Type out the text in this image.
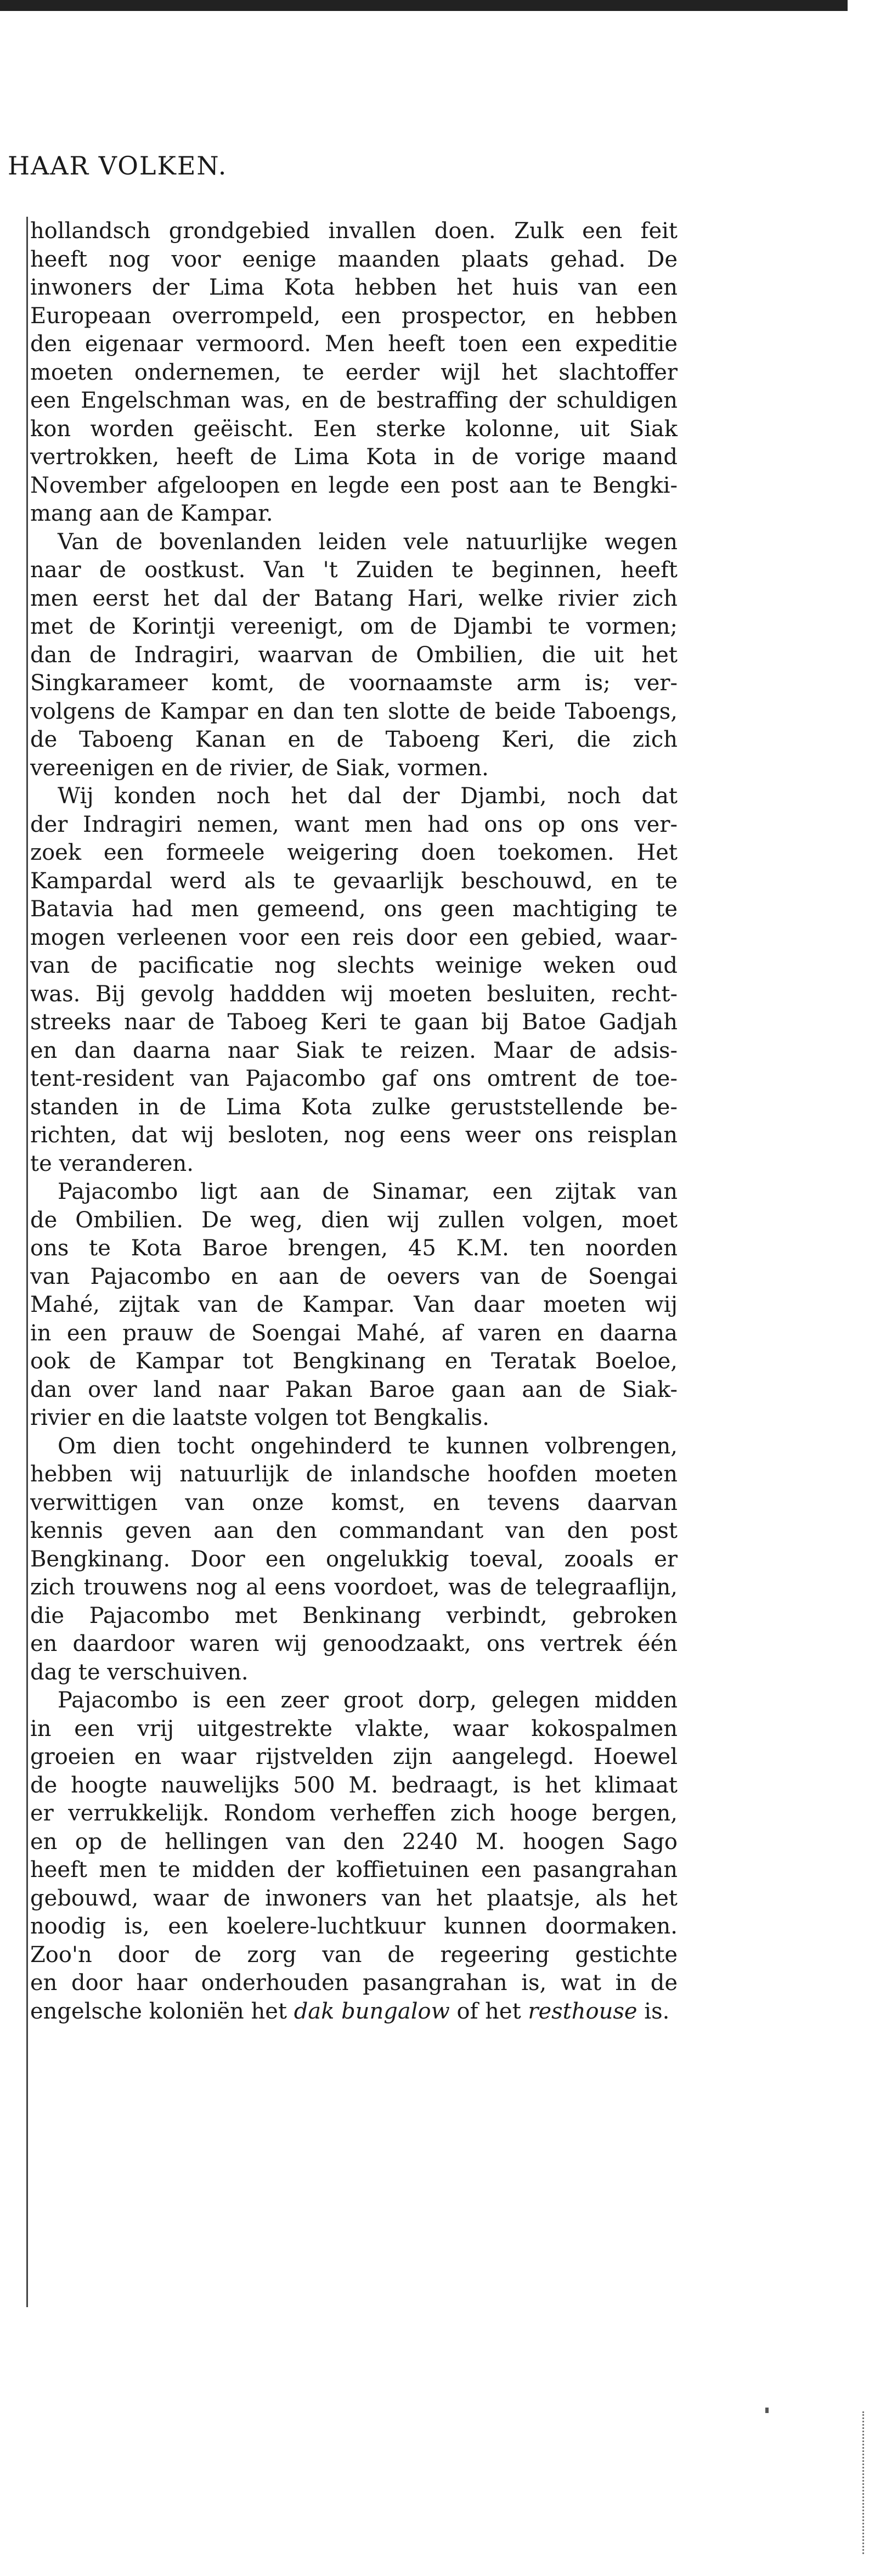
HAAR VOLKEN.
hollandsch grondgebied invallen doen. Zulk een feit
heeft nog voor eenige maanden plaats gehad. De
inwoners der Lima Kota hebben het huis van een
Europeaan overrompeld, een prospector, en hebben
den eigenaar vermoord. Men heeft toen een expeditie
moeten ondernemen, te eerder wijl het slachtoffer
een Engelschman was, en de bestraffing der schuldigen
kon worden geëischt. Een sterke kolonne, uit Siak
vertrokken, heeft de Lima Kota in de vorige maand
November afgeloopen en legde een post aan te Bengki-
mang aan de Kampar.
Van de bovenlanden leiden vele natuurlijke wegen
naar de oostkust. Van 't Zuiden te beginnen, heeft
men eerst het dal der Batang Hari, welke rivier zich
met de Korintji vereenigt, om de Djambi te vormen;
dan de Indragiri, waarvan de Ombilien, die uit het
Singkarameer komt, de voornaamste arm is; ver-
volgens de Kampar en dan ten slotte de beide Taboengs,
de Taboeng Kanan en de Taboeng Keri, die zich
vereenigen en de rivier, de Siak, vormen.
Wij konden noch het dal der Djambi, noch dat
der Indragiri nemen, want men had ons op ons ver-
zoek een formeele weigering doen toekomen. Het
Kampardal werd als te gevaarlijk beschouwd, en te
Batavia had men gemeend, ons geen machtiging te
mogen verleenen voor een reis door een gebied, waar-
van de pacificatie nog slechts weinige weken oud
was. Bij gevolg haddden wij moeten besluiten, recht-
streeks naar de Taboeg Keri te gaan bij Batoe Gadjah
en dan daarna naar Siak te reizen. Maar de adsis-
tent-resident van Pajacombo gaf ons omtrent de toe-
standen in de Lima Kota zulke geruststellende be-
richten, dat wij besloten, nog eens weer ons reisplan
te veranderen.
Pajacombo ligt aan de Sinamar, een zijtak van
de Ombilien. De weg, dien wij zullen volgen, moet
ons te Kota Baroe brengen, 45 K.M. ten noorden
van Pajacombo en aan de oevers van de Soengai
Mahé, zijtak van de Kampar. Van daar moeten wij
in een prauw de Soengai Mahé, af varen en daarna
ook de Kampar tot Bengkinang en Teratak Boeloe,
dan over land naar Pakan Baroe gaan aan de Siak-
rivier en die laatste volgen tot Bengkalis.
Om dien tocht ongehinderd te kunnen volbrengen,
hebben wij natuurlijk de inlandsche hoofden moeten
verwittigen van onze komst, en tevens daarvan
kennis geven aan den commandant van den post
Bengkinang. Door een ongelukkig toeval, zooals er
zich trouwens nog al eens voordoet, was de telegraaflijn,
die Pajacombo met Benkinang verbindt, gebroken
en daardoor waren wij genoodzaakt, ons vertrek één
dag te verschuiven.
Pajacombo is een zeer groot dorp, gelegen midden
in een vrij uitgestrekte vlakte, waar kokospalmen
groeien en waar rijstvelden zijn aangelegd. Hoewel
de hoogte nauwelijks 500 M. bedraagt, is het klimaat
er verrukkelijk. Rondom verheffen zich hooge bergen,
en op de hellingen van den 2240 M. hoogen Sago
heeft men te midden der koffietuinen een pasangrahan
gebouwd, waar de inwoners van het plaatsje, als het
noodig is, een koelere-luchtkuur kunnen doormaken.
Zoo'n door de zorg van de regeering gestichte
en door haar onderhouden pasangrahan is, wat in de
engelsche koloniën het dak bungalow of het resthouse is.
